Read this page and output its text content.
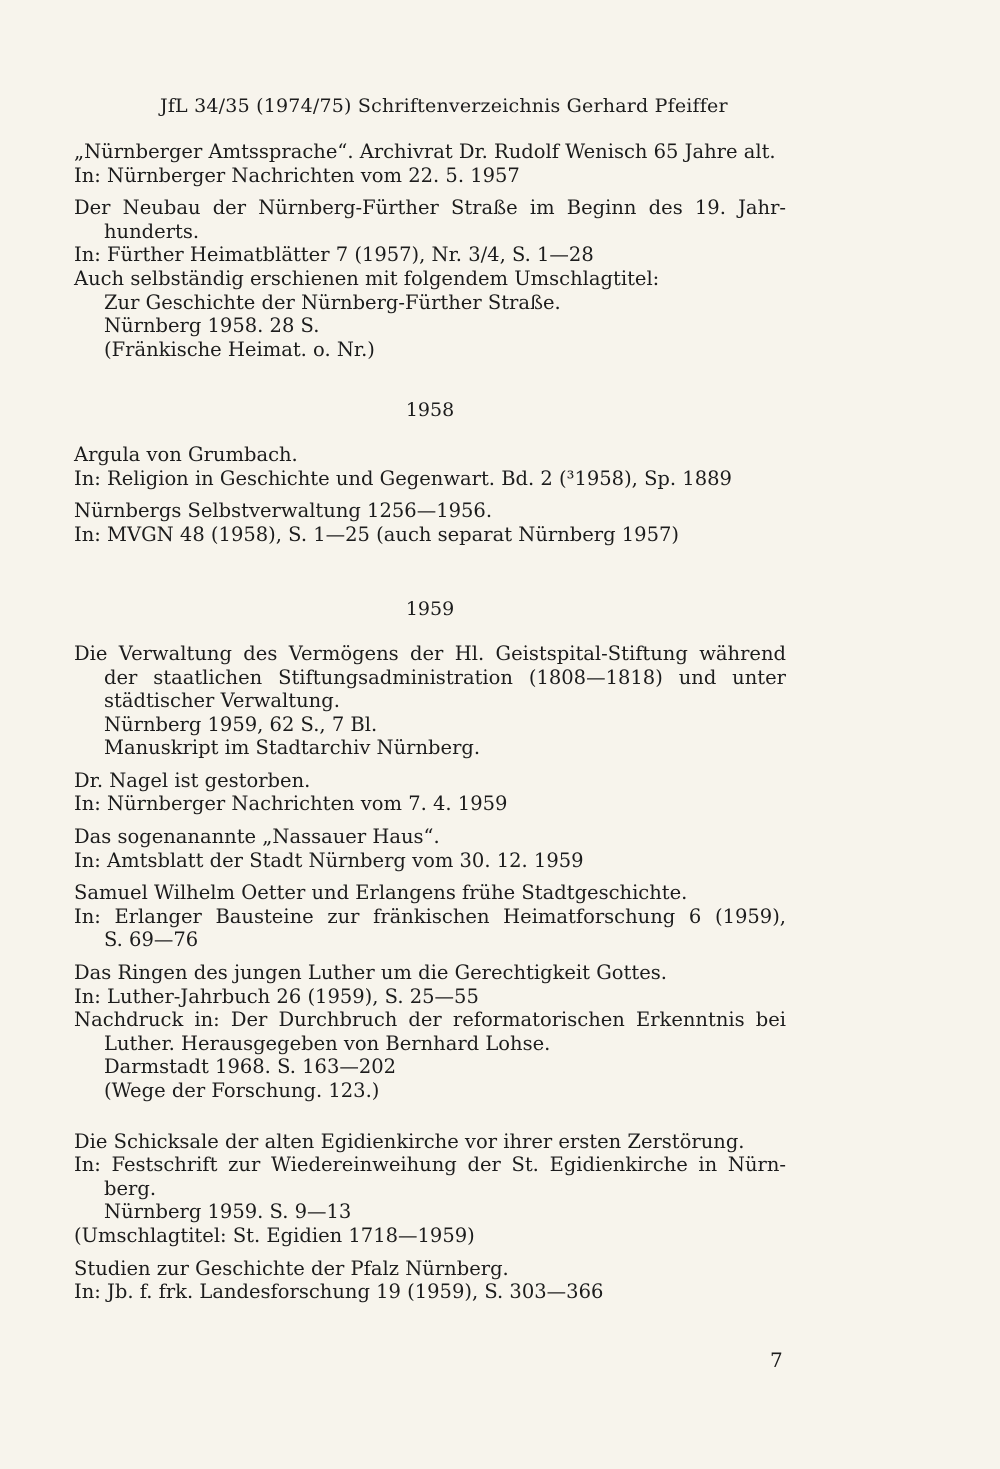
JfL 34/35 (1974/75) Schriftenverzeichnis Gerhard Pfeiffer
„Nürnberger Amtssprache“. Archivrat Dr. Rudolf Wenisch 65 Jahre alt.
In: Nürnberger Nachrichten vom 22. 5. 1957
Der Neubau der Nürnberg-Fürther Straße im Beginn des 19. Jahr-
hunderts.
In: Fürther Heimatblätter 7 (1957), Nr. 3/4, S. 1—28
Auch selbständig erschienen mit folgendem Umschlagtitel:
Zur Geschichte der Nürnberg-Fürther Straße.
Nürnberg 1958. 28 S.
(Fränkische Heimat. o. Nr.)
1958
Argula von Grumbach.
In: Religion in Geschichte und Gegenwart. Bd. 2 (³1958), Sp. 1889
Nürnbergs Selbstverwaltung 1256—1956.
In: MVGN 48 (1958), S. 1—25 (auch separat Nürnberg 1957)
1959
Die Verwaltung des Vermögens der Hl. Geistspital-Stiftung während
der staatlichen Stiftungsadministration (1808—1818) und unter
städtischer Verwaltung.
Nürnberg 1959, 62 S., 7 Bl.
Manuskript im Stadtarchiv Nürnberg.
Dr. Nagel ist gestorben.
In: Nürnberger Nachrichten vom 7. 4. 1959
Das sogenanannte „Nassauer Haus“.
In: Amtsblatt der Stadt Nürnberg vom 30. 12. 1959
Samuel Wilhelm Oetter und Erlangens frühe Stadtgeschichte.
In: Erlanger Bausteine zur fränkischen Heimatforschung 6 (1959),
S. 69—76
Das Ringen des jungen Luther um die Gerechtigkeit Gottes.
In: Luther-Jahrbuch 26 (1959), S. 25—55
Nachdruck in: Der Durchbruch der reformatorischen Erkenntnis bei
Luther. Herausgegeben von Bernhard Lohse.
Darmstadt 1968. S. 163—202
(Wege der Forschung. 123.)
Die Schicksale der alten Egidienkirche vor ihrer ersten Zerstörung.
In: Festschrift zur Wiedereinweihung der St. Egidienkirche in Nürn-
berg.
Nürnberg 1959. S. 9—13
(Umschlagtitel: St. Egidien 1718—1959)
Studien zur Geschichte der Pfalz Nürnberg.
In: Jb. f. frk. Landesforschung 19 (1959), S. 303—366
7
